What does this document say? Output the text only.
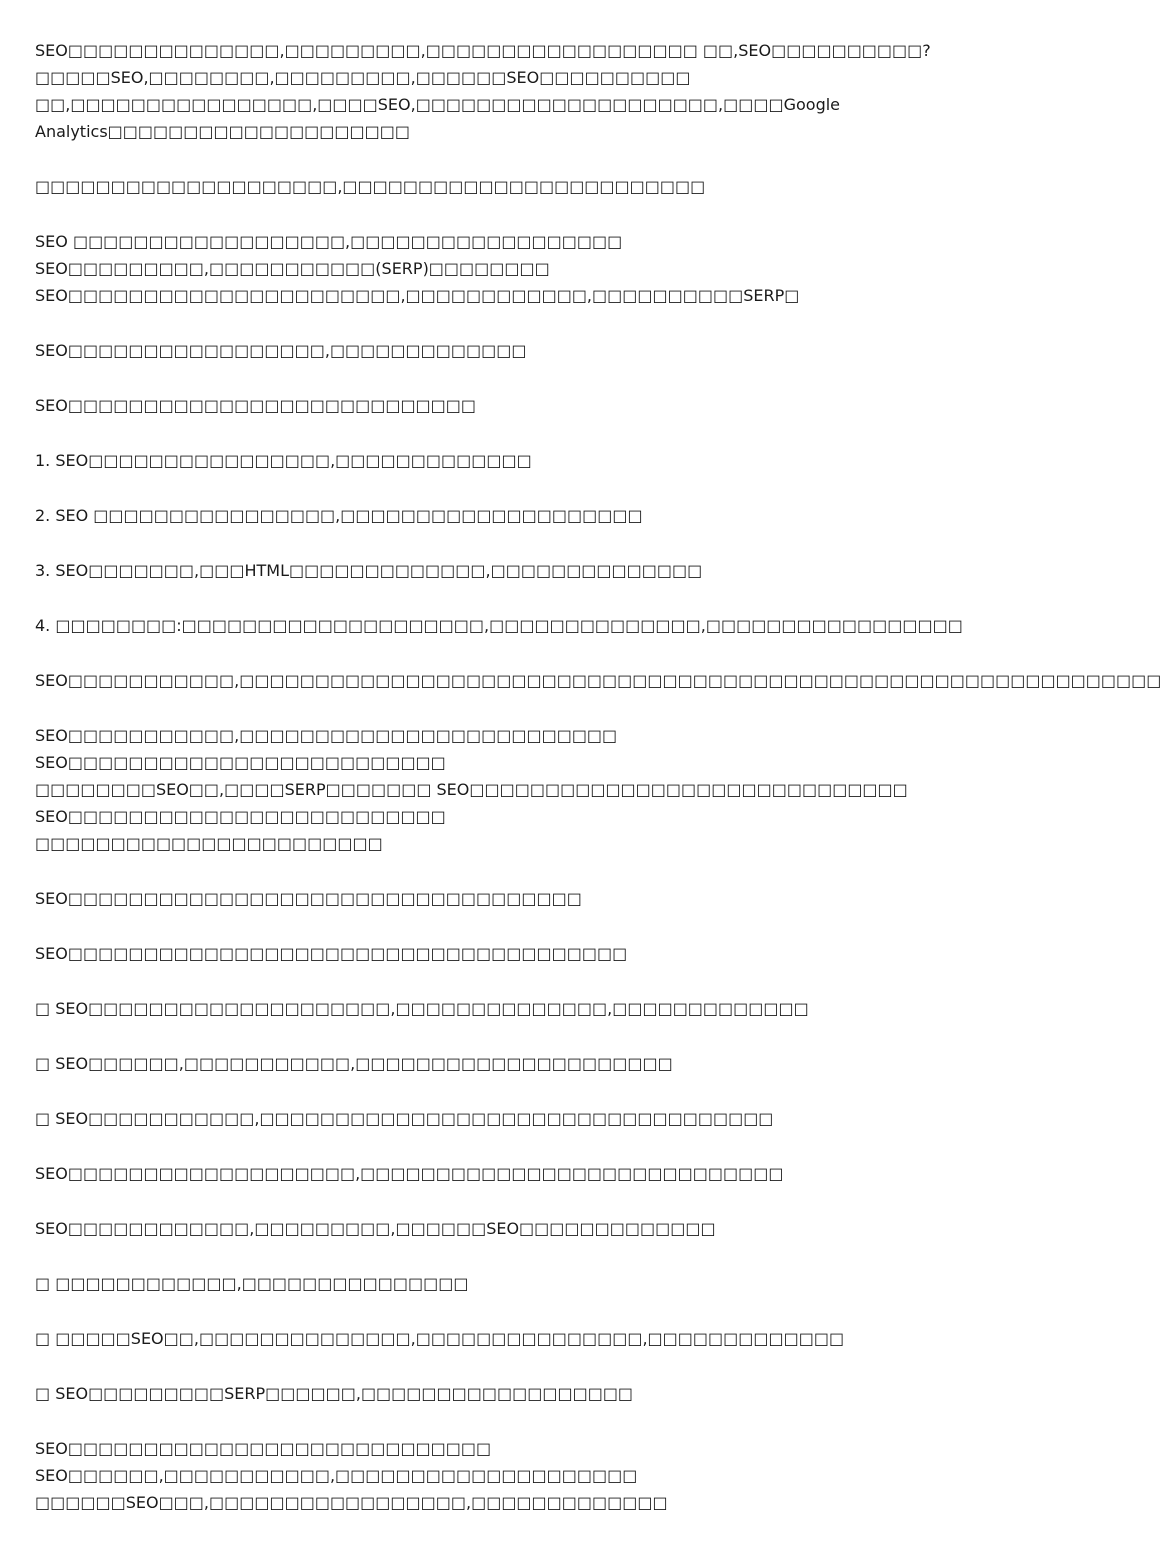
SEO□□□□□□□□□□□□□□,□□□□□□□□□,□□□□□□□□□□□□□□□□□□ □□,SEO□□□□□□□□□□?
□□□□□SEO,□□□□□□□□,□□□□□□□□□,□□□□□□SEO□□□□□□□□□□
□□,□□□□□□□□□□□□□□□□,□□□□SEO,□□□□□□□□□□□□□□□□□□□□,□□□□Google Analytics□□□□□□□□□□□□□□□□□□□□

□□□□□□□□□□□□□□□□□□□□,□□□□□□□□□□□□□□□□□□□□□□□□

SEO □□□□□□□□□□□□□□□□□□,□□□□□□□□□□□□□□□□□□ SEO□□□□□□□□□,□□□□□□□□□□□(SERP)□□□□□□□□
SEO□□□□□□□□□□□□□□□□□□□□□□,□□□□□□□□□□□□,□□□□□□□□□□SERP□

SEO□□□□□□□□□□□□□□□□□,□□□□□□□□□□□□□

SEO□□□□□□□□□□□□□□□□□□□□□□□□□□□

1. SEO□□□□□□□□□□□□□□□□,□□□□□□□□□□□□□

2. SEO □□□□□□□□□□□□□□□□,□□□□□□□□□□□□□□□□□□□□

3. SEO□□□□□□□,□□□HTML□□□□□□□□□□□□□,□□□□□□□□□□□□□□

4. □□□□□□□□:□□□□□□□□□□□□□□□□□□□□,□□□□□□□□□□□□□□,□□□□□□□□□□□□□□□□□

SEO□□□□□□□□□□□,□□□□□□□□□□□□□□□□□□□□□□□□□□□□□□□□□□□□□□□□□□□□□□□□□□□□□□□□□□□□□

SEO□□□□□□□□□□□,□□□□□□□□□□□□□□□□□□□□□□□□□ SEO□□□□□□□□□□□□□□□□□□□□□□□□□
□□□□□□□□SEO□□,□□□□SERP□□□□□□□ SEO□□□□□□□□□□□□□□□□□□□□□□□□□□□□□ SEO□□□□□□□□□□□□□□□□□□□□□□□□□
□□□□□□□□□□□□□□□□□□□□□□□

SEO□□□□□□□□□□□□□□□□□□□□□□□□□□□□□□□□□□

SEO□□□□□□□□□□□□□□□□□□□□□□□□□□□□□□□□□□□□□

□ SEO□□□□□□□□□□□□□□□□□□□□,□□□□□□□□□□□□□□,□□□□□□□□□□□□□

□ SEO□□□□□□,□□□□□□□□□□□,□□□□□□□□□□□□□□□□□□□□□

□ SEO□□□□□□□□□□□,□□□□□□□□□□□□□□□□□□□□□□□□□□□□□□□□□□

SEO□□□□□□□□□□□□□□□□□□□,□□□□□□□□□□□□□□□□□□□□□□□□□□□□

SEO□□□□□□□□□□□□,□□□□□□□□□,□□□□□□SEO□□□□□□□□□□□□□

□ □□□□□□□□□□□□,□□□□□□□□□□□□□□□

□ □□□□□SEO□□,□□□□□□□□□□□□□□,□□□□□□□□□□□□□□□,□□□□□□□□□□□□□

□ SEO□□□□□□□□□SERP□□□□□□,□□□□□□□□□□□□□□□□□□

SEO□□□□□□□□□□□□□□□□□□□□□□□□□□□□ SEO□□□□□□,□□□□□□□□□□□,□□□□□□□□□□□□□□□□□□□□
□□□□□□SEO□□□,□□□□□□□□□□□□□□□□□,□□□□□□□□□□□□□
